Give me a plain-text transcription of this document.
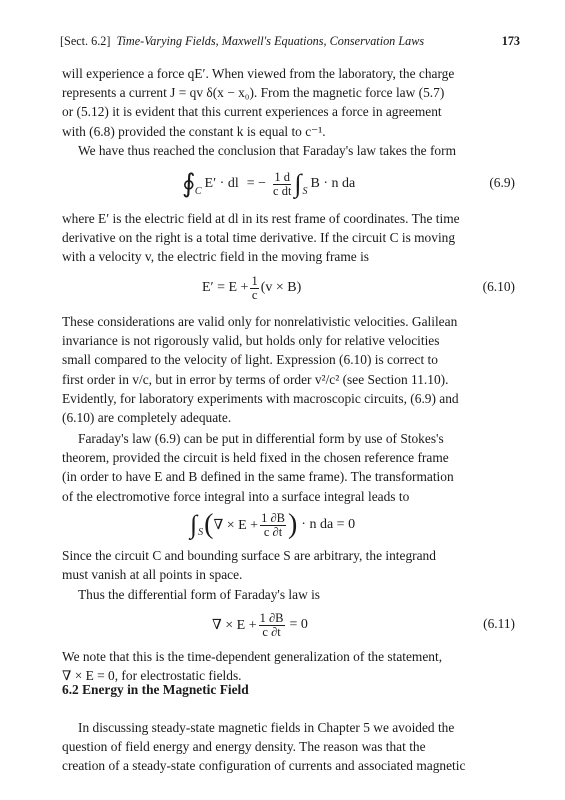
[Sect. 6.2] Time-Varying Fields, Maxwell's Equations, Conservation Laws	173

will experience a force qE′. When viewed from the laboratory, the charge

represents a current J = qv δ(x − x₀). From the magnetic force law (5.7)

or (5.12) it is evident that this current experiences a force in agreement

with (6.8) provided the constant k is equal to c⁻¹.

We have thus reached the conclusion that Faraday's law takes the form

∮ C
E′ · dl = − $\frac{1 d}{\text{c dt}}$ ∫ S
B · n da	(6.9)

where E′ is the electric field at dl in its rest frame of coordinates. The time

derivative on the right is a total time derivative. If the circuit C is moving

with a velocity v, the electric field in the moving frame is

$E' = E + \frac{1}{c} (v \times B)$	(6.10)

These considerations are valid only for nonrelativistic velocities. Galilean

invariance is not rigorously valid, but holds only for relative velocities

small compared to the velocity of light. Expression (6.10) is correct to

first order in v/c, but in error by terms of order v²/c² (see Section 11.10).

Evidently, for laboratory experiments with macroscopic circuits, (6.9) and

(6.10) are completely adequate.

Faraday's law (6.9) can be put in differential form by use of Stokes's

theorem, provided the circuit is held fixed in the chosen reference frame

(in order to have E and B defined in the same frame). The transformation

of the electromotive force integral into a surface integral leads to

∫ S ( ∇ × $E + \frac{1 \partial B}{c \partial t}$ ) · n da = 0

Since the circuit C and bounding surface S are arbitrary, the integrand

must vanish at all points in space.

Thus the differential form of Faraday's law is

∇ × $E + \frac{1 \partial B}{c \partial t} = 0$	(6.11)

We note that this is the time-dependent generalization of the statement,

∇ × E = 0, for electrostatic fields.

6.2 Energy in the Magnetic Field

In discussing steady-state magnetic fields in Chapter 5 we avoided the

question of field energy and energy density. The reason was that the

creation of a steady-state configuration of currents and associated magnetic
